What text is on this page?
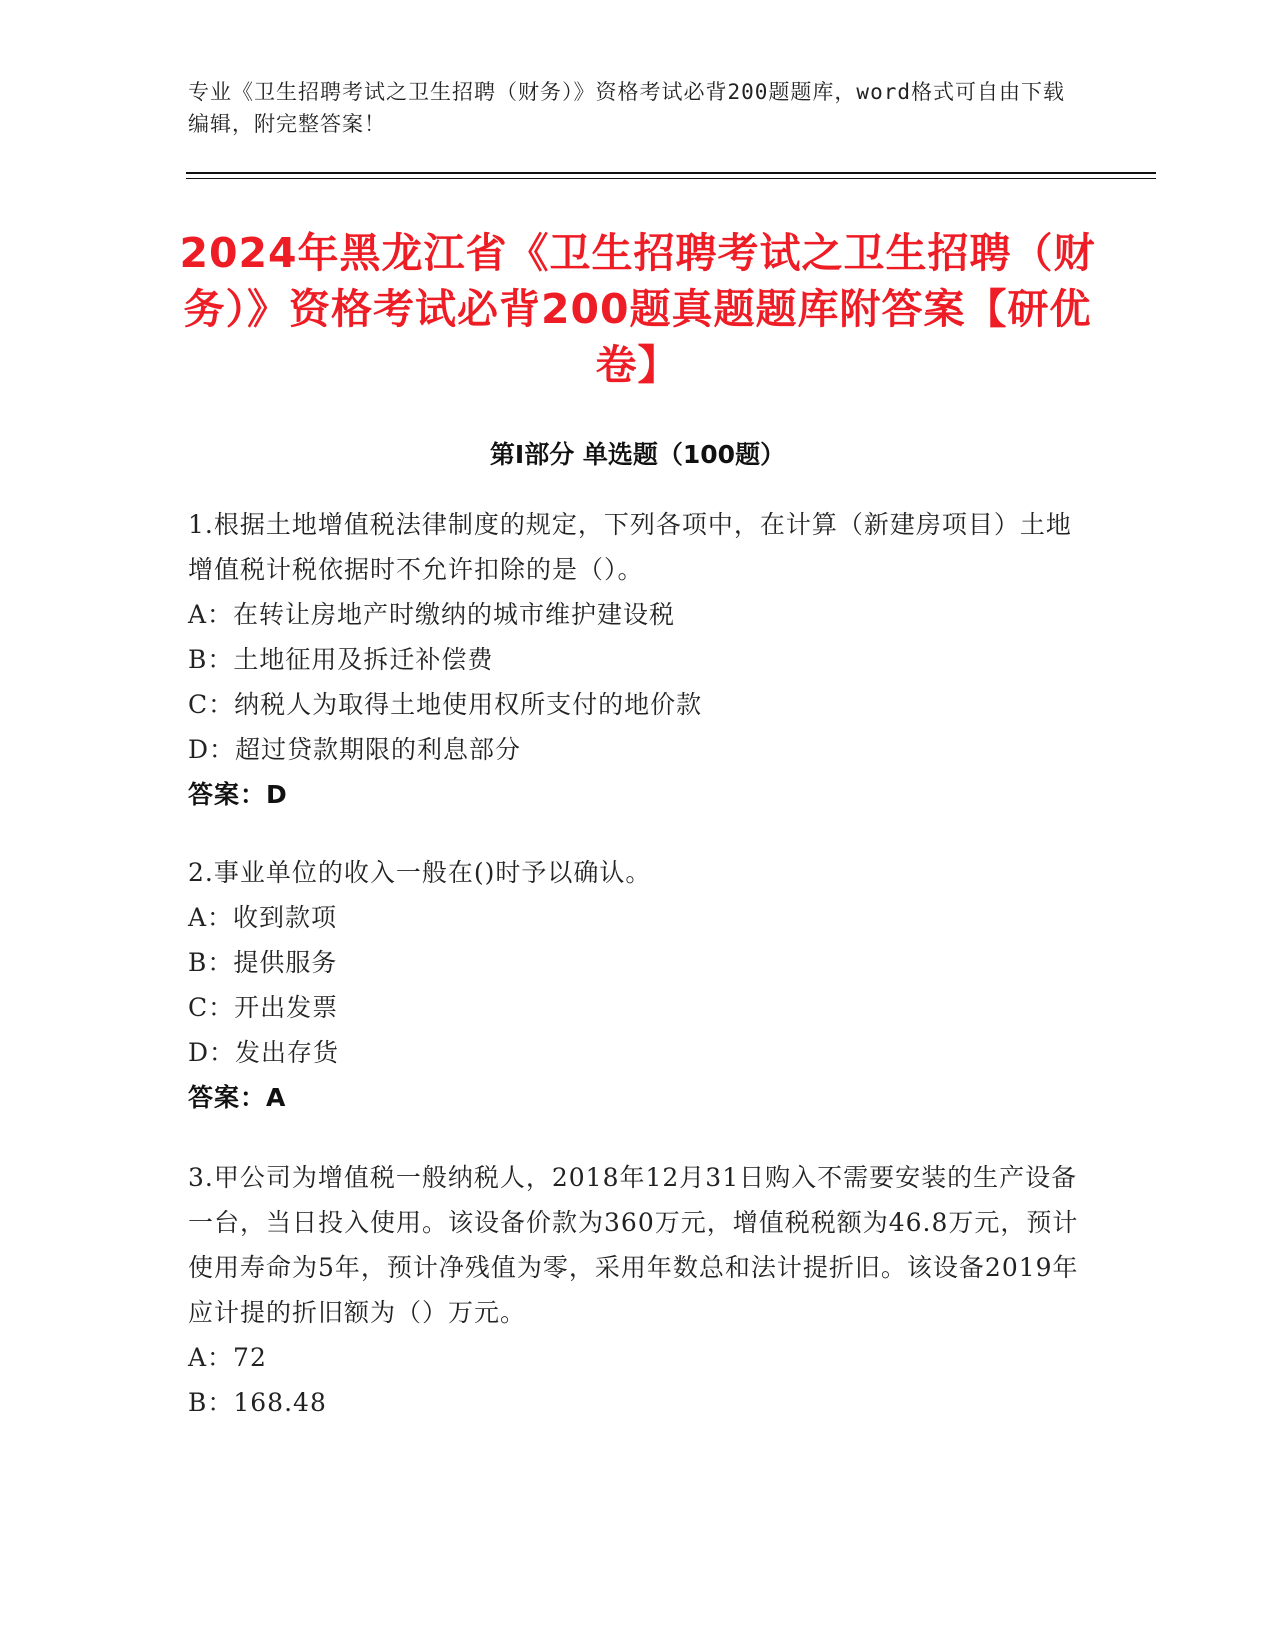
专业《卫生招聘考试之卫生招聘（财务）》资格考试必背200题题库，word格式可自由下载编辑，附完整答案！
2024年黑龙江省《卫生招聘考试之卫生招聘（财务）》资格考试必背200题真题题库附答案【研优卷】
第Ⅰ部分 单选题（100题）

1.根据土地增值税法律制度的规定，下列各项中，在计算（新建房项目）土地增值税计税依据时不允许扣除的是（）。

A：在转让房地产时缴纳的城市维护建设税

B：土地征用及拆迁补偿费

C：纳税人为取得土地使用权所支付的地价款

D：超过贷款期限的利息部分

答案：D

2.事业单位的收入一般在()时予以确认。

A：收到款项

B：提供服务

C：开出发票

D：发出存货

答案：A

3.甲公司为增值税一般纳税人，2018年12月31日购入不需要安装的生产设备一台，当日投入使用。该设备价款为360万元，增值税税额为46.8万元，预计使用寿命为5年，预计净残值为零，采用年数总和法计提折旧。该设备2019年应计提的折旧额为（）万元。

A：72

B：168.48
